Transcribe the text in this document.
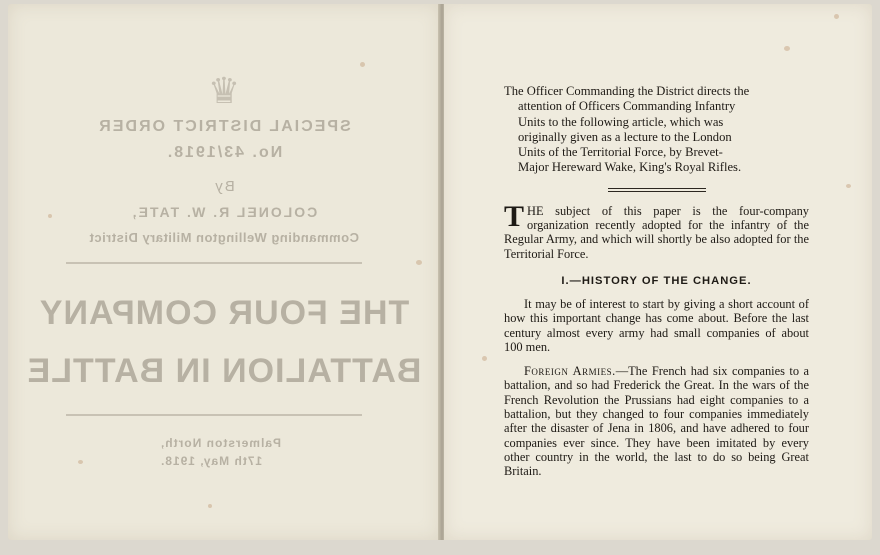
♛
SPECIAL DISTRICT ORDER
No. 43/1918.
By
COLONEL R. W. TATE,
Commanding Wellington Military District
THE FOUR COMPANY
BATTALION IN BATTLE
Palmerston North,
17th May, 1918.
The Officer Commanding the District directs the
attention of Officers Commanding Infantry
Units to the following article, which was
originally given as a lecture to the London
Units of the Territorial Force, by Brevet-
Major Hereward Wake, King's Royal Rifles.

THE subject of this paper is the four-company organization recently adopted for the infantry of the Regular Army, and which will shortly be also adopted for the Territorial Force.

I.—HISTORY OF THE CHANGE.

It may be of interest to start by giving a short account of how this important change has come about. Before the last century almost every army had small companies of about 100 men.

Foreign Armies.—The French had six companies to a battalion, and so had Frederick the Great. In the wars of the French Revolution the Prussians had eight companies to a battalion, but they changed to four companies immediately after the disaster of Jena in 1806, and have adhered to four companies ever since. They have been imitated by every other country in the world, the last to do so being Great Britain.
